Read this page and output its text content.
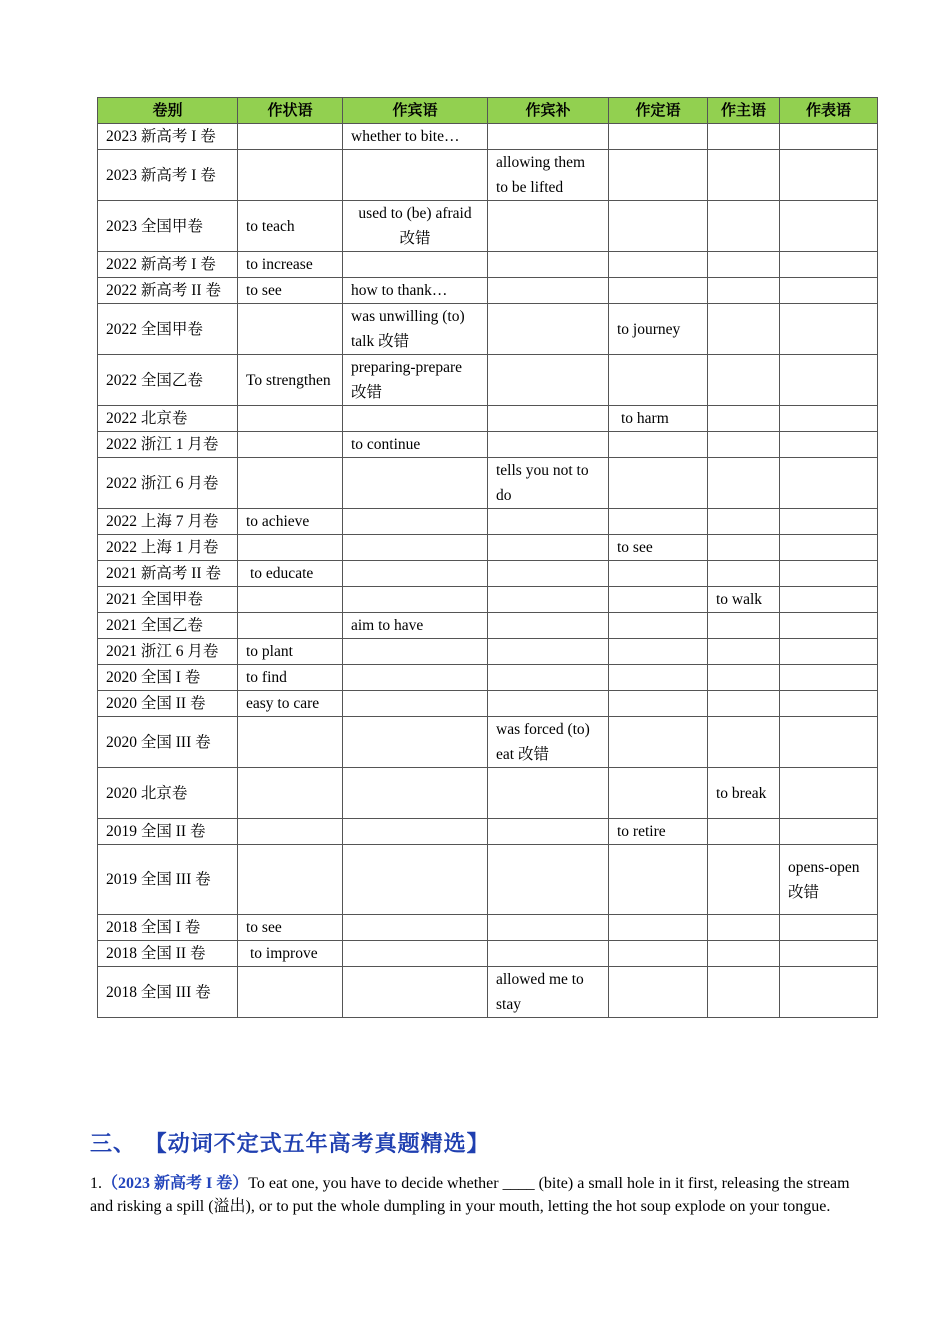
卷别	作状语	作宾语	作宾补	作定语	作主语	作表语
2023 新高考 I 卷		whether to bite…				
2023 新高考 I 卷			allowing them to be lifted			
2023 全国甲卷	to teach	used to (be) afraid 改错				
2022 新高考 I 卷	to increase					
2022 新高考 II 卷	to see	how to thank…				
2022 全国甲卷		was unwilling (to) talk 改错		to journey		
2022 全国乙卷	To strengthen	preparing-prepare 改错				
2022 北京卷				to harm		
2022 浙江 1 月卷		to continue				
2022 浙江 6 月卷			tells you not to do			
2022 上海 7 月卷	to achieve					
2022 上海 1 月卷				to see		
2021 新高考 II 卷	to educate					
2021 全国甲卷					to walk	
2021 全国乙卷		aim to have				
2021 浙江 6 月卷	to plant					
2020 全国 I 卷	to find					
2020 全国 II 卷	easy to care					
2020 全国 III 卷			was forced (to) eat 改错			
2020 北京卷					to break	
2019 全国 II 卷				to retire		
2019 全国 III 卷						opens-open 改错
2018 全国 I 卷	to see					
2018 全国 II 卷	to improve					
2018 全国 III 卷			allowed me to stay			
三、 【动词不定式五年高考真题精选】
1.（2023 新高考 I 卷）To eat one, you have to decide whether ____ (bite) a small hole in it first, releasing the stream and risking a spill (溢出), or to put the whole dumpling in your mouth, letting the hot soup explode on your tongue.
